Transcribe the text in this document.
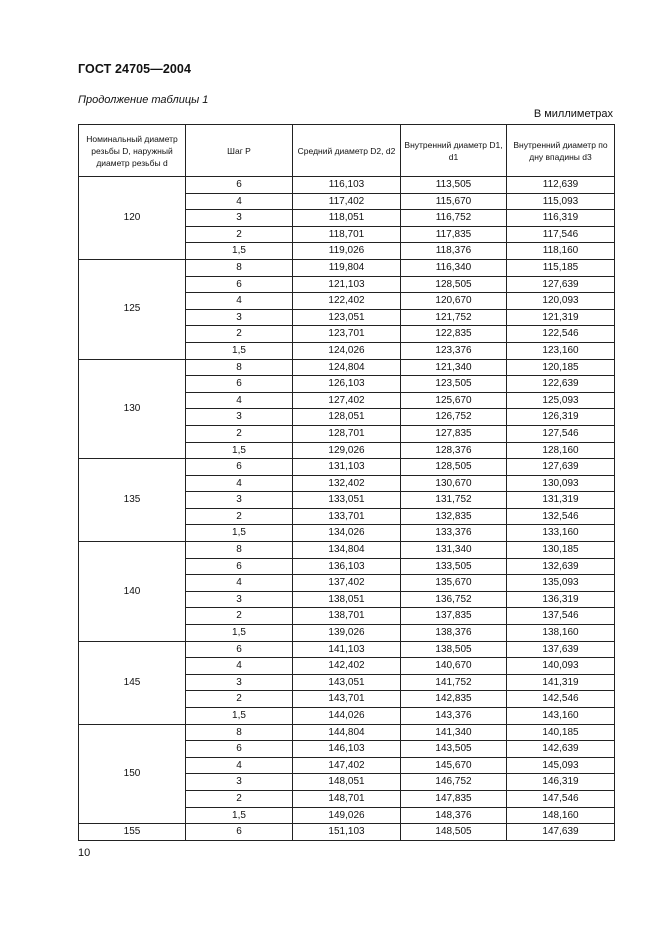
ГОСТ 24705—2004
Продолжение таблицы 1
В миллиметрах
Номинальный диаметр резьбы D, наружный диаметр резьбы d	Шаг P	Средний диаметр D2, d2	Внутренний диаметр D1, d1	Внутренний диаметр по дну впадины d3
120	6	116,103	113,505	112,639
	4	117,402	115,670	115,093
	3	118,051	116,752	116,319
	2	118,701	117,835	117,546
	1,5	119,026	118,376	118,160
125	8	119,804	116,340	115,185
	6	121,103	128,505	127,639
	4	122,402	120,670	120,093
	3	123,051	121,752	121,319
	2	123,701	122,835	122,546
	1,5	124,026	123,376	123,160
130	8	124,804	121,340	120,185
	6	126,103	123,505	122,639
	4	127,402	125,670	125,093
	3	128,051	126,752	126,319
	2	128,701	127,835	127,546
	1,5	129,026	128,376	128,160
135	6	131,103	128,505	127,639
	4	132,402	130,670	130,093
	3	133,051	131,752	131,319
	2	133,701	132,835	132,546
	1,5	134,026	133,376	133,160
140	8	134,804	131,340	130,185
	6	136,103	133,505	132,639
	4	137,402	135,670	135,093
	3	138,051	136,752	136,319
	2	138,701	137,835	137,546
	1,5	139,026	138,376	138,160
145	6	141,103	138,505	137,639
	4	142,402	140,670	140,093
	3	143,051	141,752	141,319
	2	143,701	142,835	142,546
	1,5	144,026	143,376	143,160
150	8	144,804	141,340	140,185
	6	146,103	143,505	142,639
	4	147,402	145,670	145,093
	3	148,051	146,752	146,319
	2	148,701	147,835	147,546
	1,5	149,026	148,376	148,160
155	6	151,103	148,505	147,639
10
